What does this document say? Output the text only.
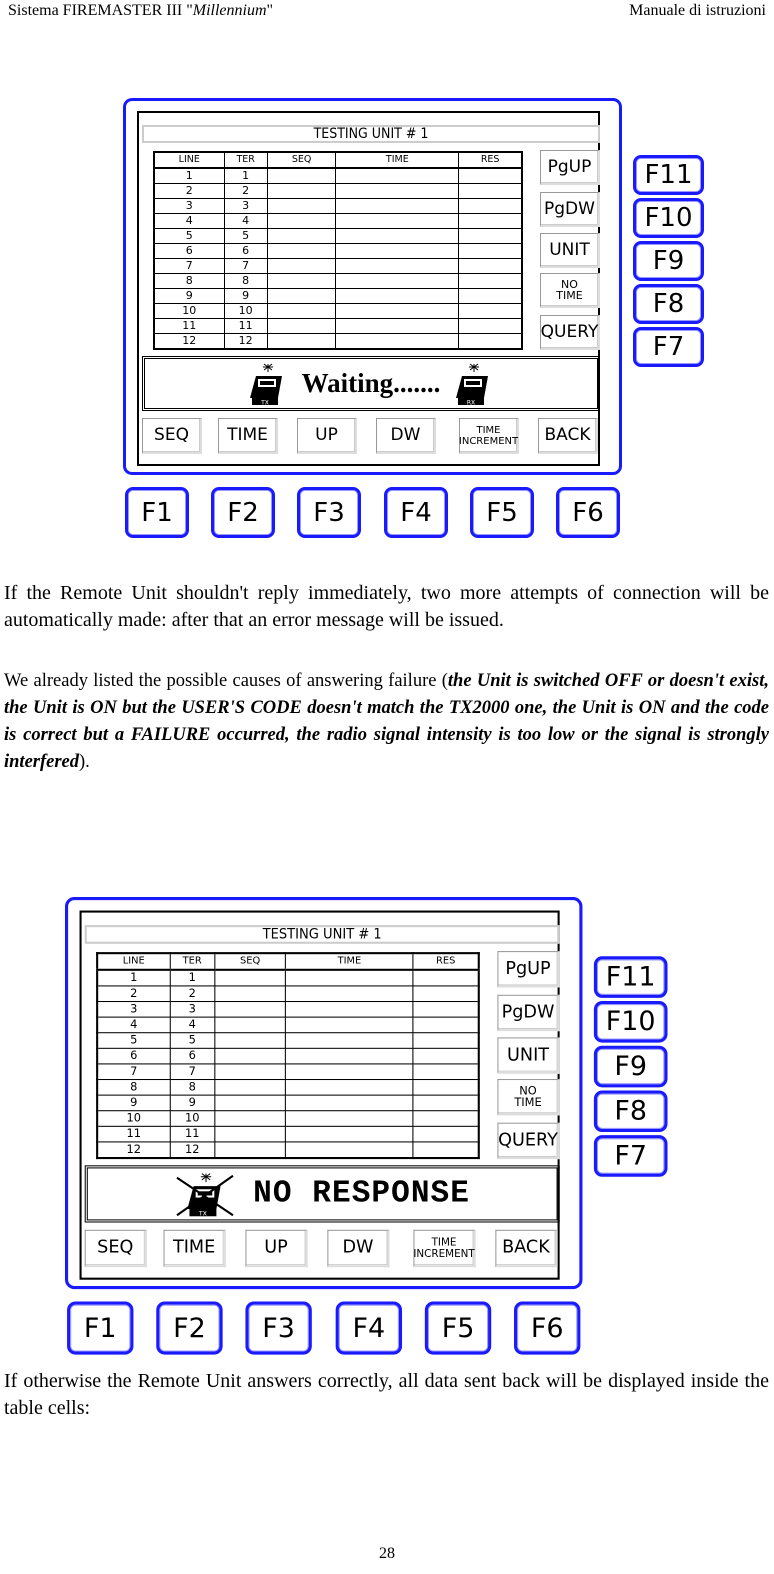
Sistema FIREMASTER III "Millennium"	Manuale di istruzioni
TESTING UNIT # 1
LINE	TER	SEQ	TIME	RES
1	1			
2	2			
3	3			
4	4			
5	5			
6	6			
7	7			
8	8			
9	9			
10	10			
11	11			
12	12			
PgUP
PgDW
UNIT
NO TIME
QUERY
TX
Waiting.......
RX
SEQ	TIME	UP	DW	TIME INCREMENT	BACK
F1	F2	F3	F4	F5	F6
F11
F10
F9
F8
F7
If the Remote Unit shouldn't reply immediately, two more attempts of connection will be automatically made: after that an error message will be issued.
We already listed the possible causes of answering failure (the Unit is switched OFF or doesn't exist, the Unit is ON but the USER'S CODE doesn't match the TX2000 one, the Unit is ON and the code is correct but a FAILURE occurred, the radio signal intensity is too low or the signal is strongly interfered).
TESTING UNIT # 1
LINE	TER	SEQ	TIME	RES
1	1			
2	2			
3	3			
4	4			
5	5			
6	6			
7	7			
8	8			
9	9			
10	10			
11	11			
12	12			
PgUP
PgDW
UNIT
NO TIME
QUERY
TX
NO RESPONSE
SEQ	TIME	UP	DW	TIME INCREMENT	BACK
F1	F2	F3	F4	F5	F6
F11
F10
F9
F8
F7
If otherwise the Remote Unit answers correctly, all data sent back will be displayed inside the table cells:
28
